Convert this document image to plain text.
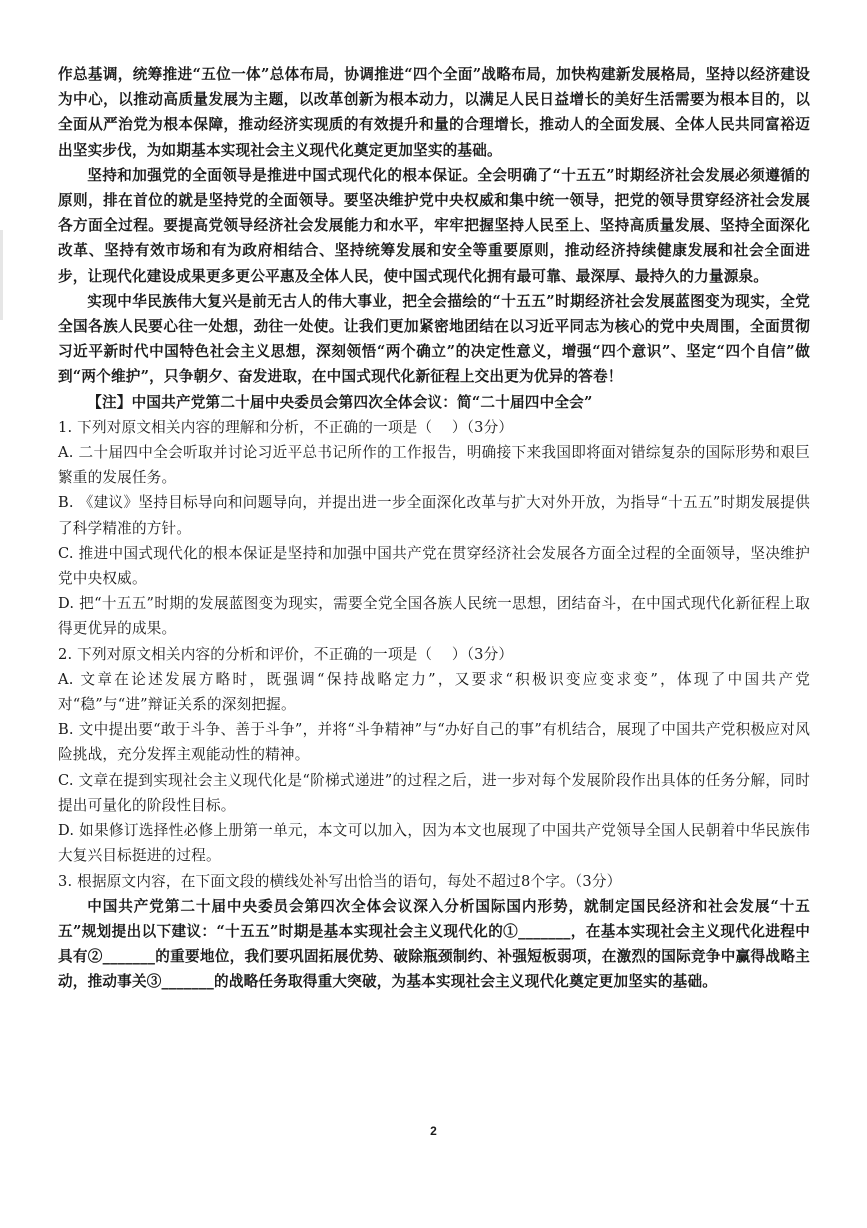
作总基调，统筹推进“五位一体”总体布局，协调推进“四个全面”战略布局，加快构建新发展格局，坚持以经济建设为中心，以推动高质量发展为主题，以改革创新为根本动力，以满足人民日益增长的美好生活需要为根本目的，以全面从严治党为根本保障，推动经济实现质的有效提升和量的合理增长，推动人的全面发展、全体人民共同富裕迈出坚实步伐，为如期基本实现社会主义现代化奠定更加坚实的基础。

坚持和加强党的全面领导是推进中国式现代化的根本保证。全会明确了“十五五”时期经济社会发展必须遵循的原则，排在首位的就是坚持党的全面领导。要坚决维护党中央权威和集中统一领导，把党的领导贯穿经济社会发展各方面全过程。要提高党领导经济社会发展能力和水平，牢牢把握坚持人民至上、坚持高质量发展、坚持全面深化改革、坚持有效市场和有为政府相结合、坚持统筹发展和安全等重要原则，推动经济持续健康发展和社会全面进步，让现代化建设成果更多更公平惠及全体人民，使中国式现代化拥有最可靠、最深厚、最持久的力量源泉。

实现中华民族伟大复兴是前无古人的伟大事业，把全会描绘的“十五五”时期经济社会发展蓝图变为现实，全党全国各族人民要心往一处想，劲往一处使。让我们更加紧密地团结在以习近平同志为核心的党中央周围，全面贯彻习近平新时代中国特色社会主义思想，深刻领悟“两个确立”的决定性意义，增强“四个意识”、坚定“四个自信”做到“两个维护”，只争朝夕、奋发进取，在中国式现代化新征程上交出更为优异的答卷！

【注】中国共产党第二十届中央委员会第四次全体会议：简“二十届四中全会”

1. 下列对原文相关内容的理解和分析，不正确的一项是（　 ）（3分）

A. 二十届四中全会听取并讨论习近平总书记所作的工作报告，明确接下来我国即将面对错综复杂的国际形势和艰巨繁重的发展任务。

B. 《建议》坚持目标导向和问题导向，并提出进一步全面深化改革与扩大对外开放，为指导“十五五”时期发展提供了科学精准的方针。

C. 推进中国式现代化的根本保证是坚持和加强中国共产党在贯穿经济社会发展各方面全过程的全面领导，坚决维护党中央权威。

D. 把“十五五”时期的发展蓝图变为现实，需要全党全国各族人民统一思想，团结奋斗，在中国式现代化新征程上取得更优异的成果。

2. 下列对原文相关内容的分析和评价，不正确的一项是（　 ）（3分）

A. 文章在论述发展方略时，既强调“保持战略定力”，又要求“积极识变应变求变”，体现了中国共产党对“稳”与“进”辩证关系的深刻把握。

B. 文中提出要“敢于斗争、善于斗争”，并将“斗争精神”与“办好自己的事”有机结合，展现了中国共产党积极应对风险挑战，充分发挥主观能动性的精神。

C. 文章在提到实现社会主义现代化是“阶梯式递进”的过程之后，进一步对每个发展阶段作出具体的任务分解，同时提出可量化的阶段性目标。

D. 如果修订选择性必修上册第一单元，本文可以加入，因为本文也展现了中国共产党领导全国人民朝着中华民族伟大复兴目标挺进的过程。

3. 根据原文内容，在下面文段的横线处补写出恰当的语句，每处不超过8个字。（3分）

中国共产党第二十届中央委员会第四次全体会议深入分析国际国内形势，就制定国民经济和社会发展“十五五”规划提出以下建议：“十五五”时期是基本实现社会主义现代化的①_______，在基本实现社会主义现代化进程中具有②_______的重要地位，我们要巩固拓展优势、破除瓶颈制约、补强短板弱项，在激烈的国际竞争中赢得战略主动，推动事关③_______的战略任务取得重大突破，为基本实现社会主义现代化奠定更加坚实的基础。

2
